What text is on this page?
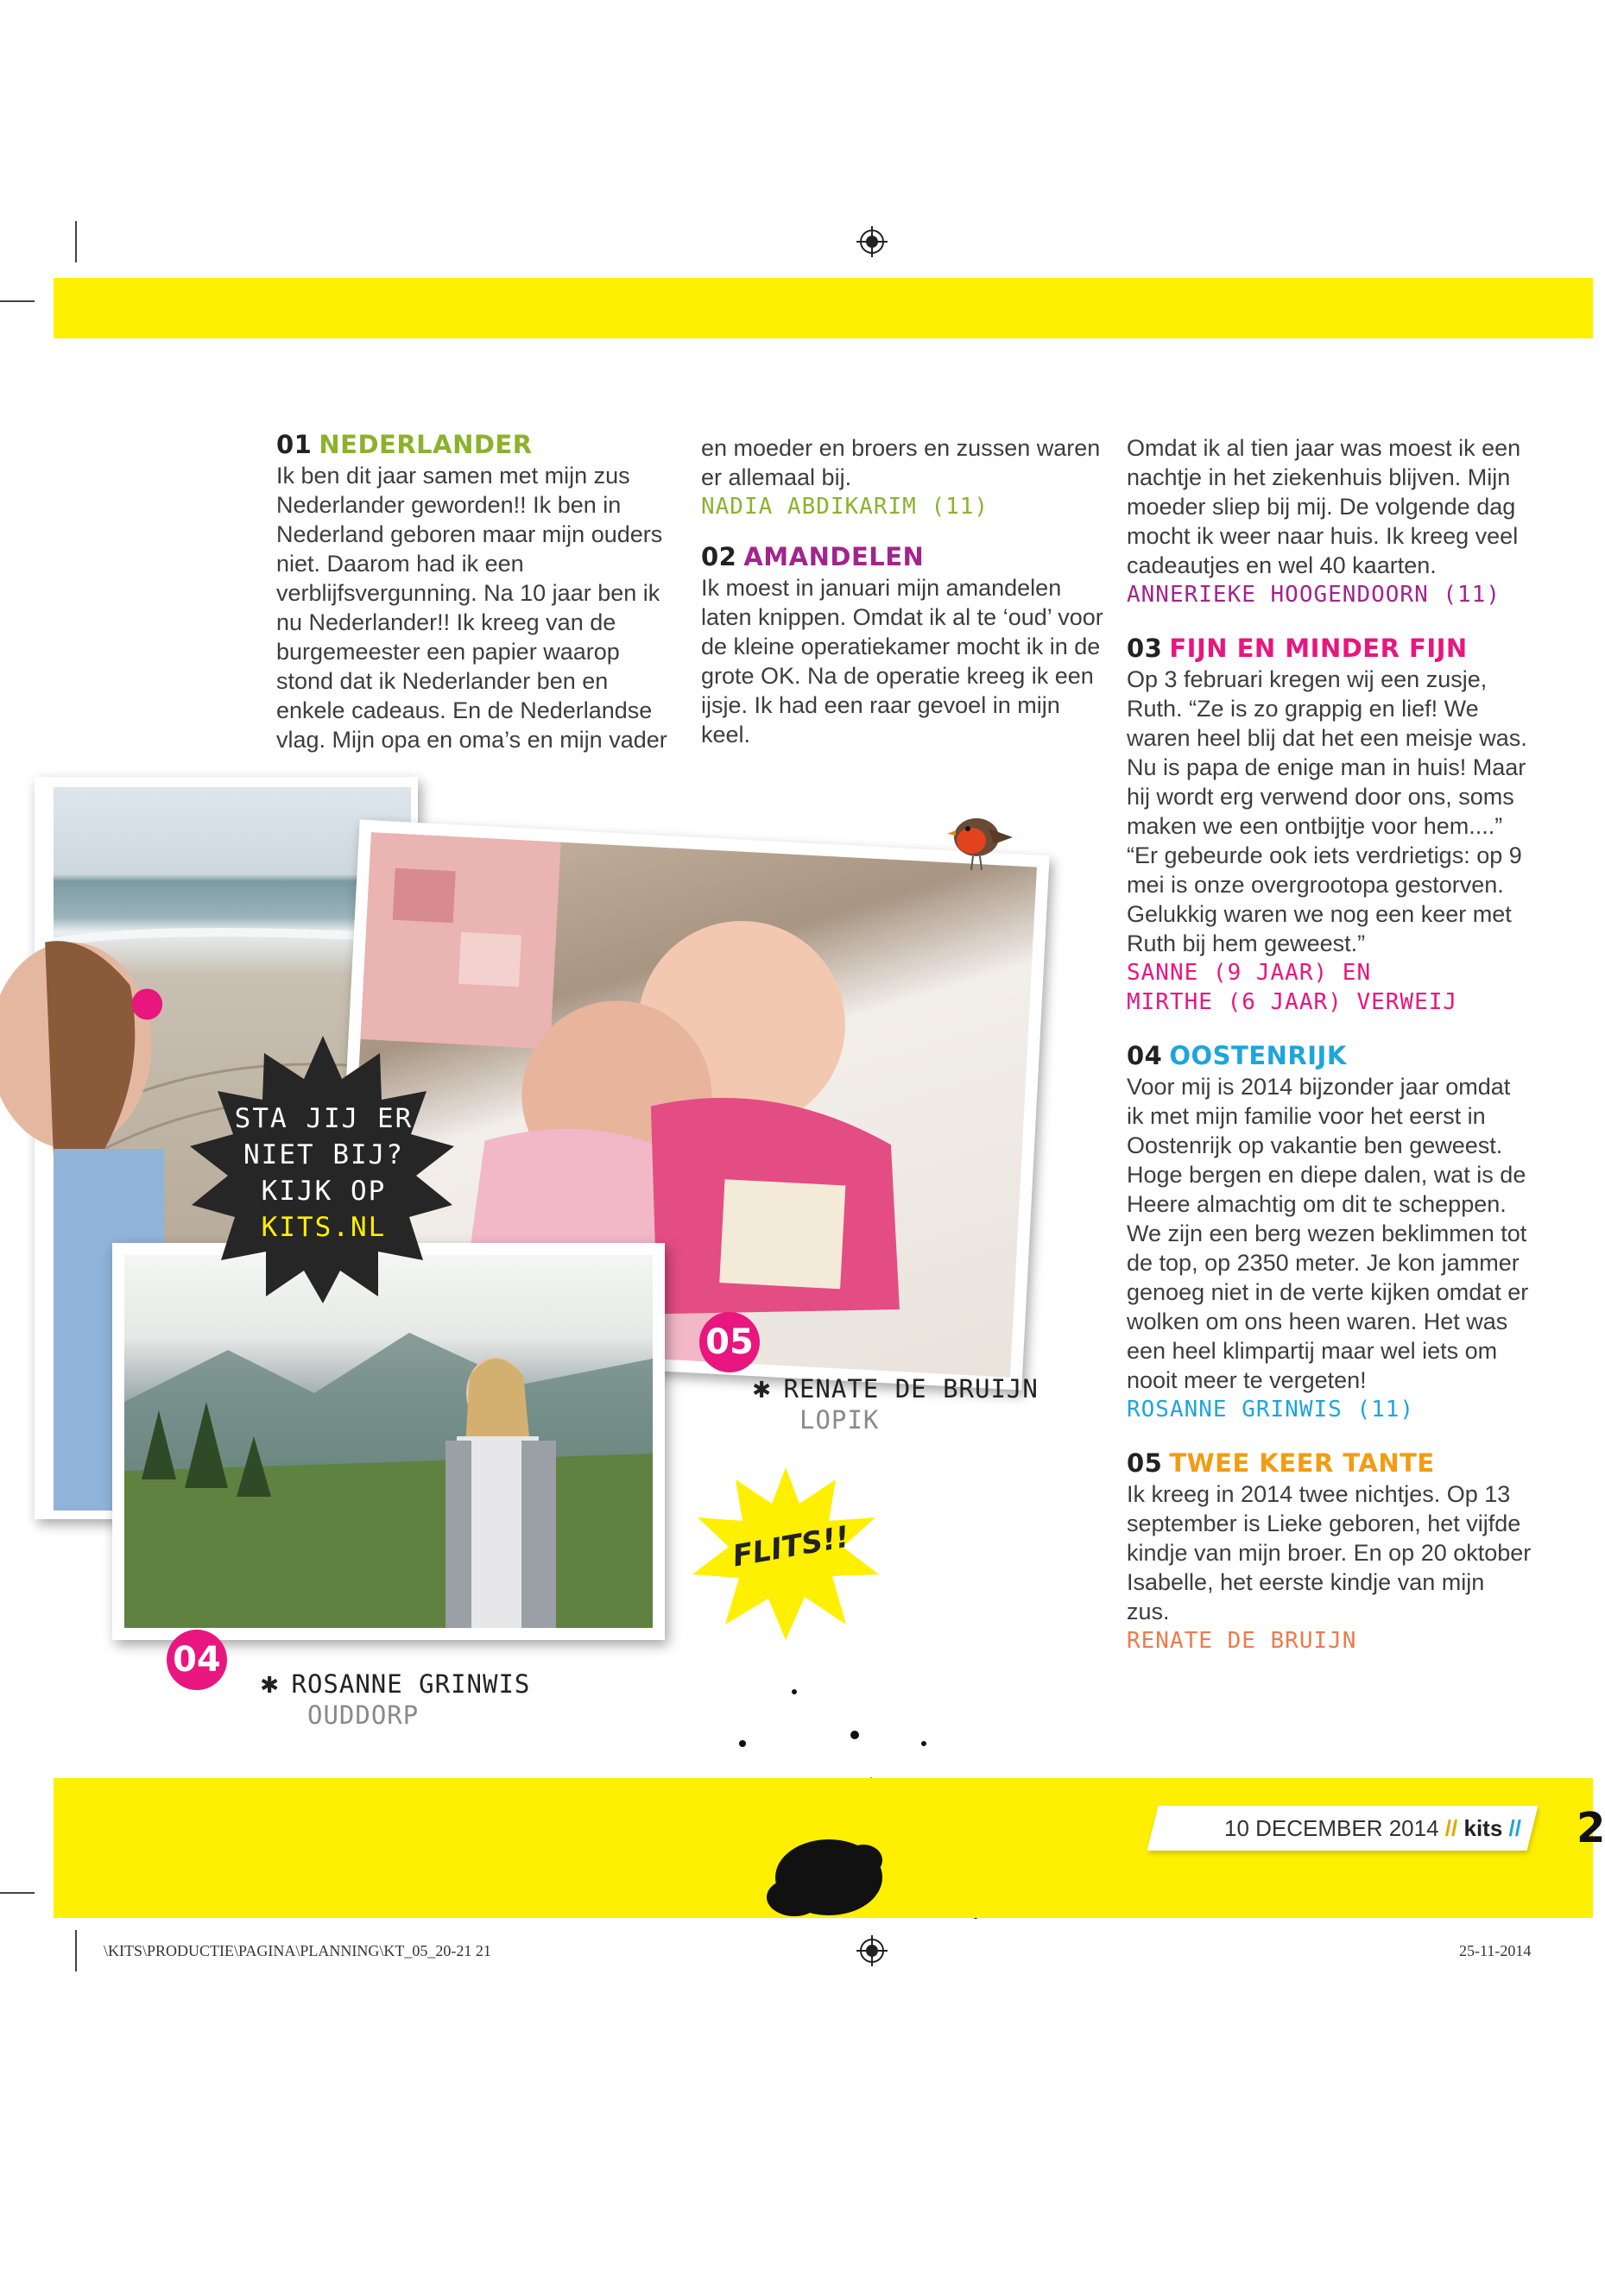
01 NEDERLANDER

Ik ben dit jaar samen met mijn zus Nederlander geworden!! Ik ben in Nederland geboren maar mijn ouders niet. Daarom had ik een verblijfsvergunning. Na 10 jaar ben ik nu Nederlander!! Ik kreeg van de burgemeester een papier waarop stond dat ik Nederlander ben en enkele cadeaus. En de Nederlandse vlag. Mijn opa en oma’s en mijn vader

en moeder en broers en zussen waren er allemaal bij.

NADIA ABDIKARIM (11)
02 AMANDELEN

Ik moest in januari mijn amandelen laten knippen. Omdat ik al te ‘oud’ voor de kleine operatiekamer mocht ik in de grote OK. Na de operatie kreeg ik een ijsje. Ik had een raar gevoel in mijn keel.

Omdat ik al tien jaar was moest ik een nachtje in het ziekenhuis blijven. Mijn moeder sliep bij mij. De volgende dag mocht ik weer naar huis. Ik kreeg veel cadeautjes en wel 40 kaarten.

ANNERIEKE HOOGENDOORN (11)
03 FIJN EN MINDER FIJN

Op 3 februari kregen wij een zusje, Ruth. “Ze is zo grappig en lief! We waren heel blij dat het een meisje was. Nu is papa de enige man in huis! Maar hij wordt erg verwend door ons, soms maken we een ontbijtje voor hem....”

“Er gebeurde ook iets verdrietigs: op 9 mei is onze overgrootopa gestorven. Gelukkig waren we nog een keer met Ruth bij hem geweest.”

SANNE (9 JAAR) EN
MIRTHE (6 JAAR) VERWEIJ
04 OOSTENRIJK

Voor mij is 2014 bijzonder jaar omdat ik met mijn familie voor het eerst in Oostenrijk op vakantie ben geweest. Hoge bergen en diepe dalen, wat is de Heere almachtig om dit te scheppen. We zijn een berg wezen beklimmen tot de top, op 2350 meter. Je kon jammer genoeg niet in de verte kijken omdat er wolken om ons heen waren. Het was een heel klimpartij maar wel iets om nooit meer te vergeten!

ROSANNE GRINWIS (11)
05 TWEE KEER TANTE

Ik kreeg in 2014 twee nichtjes. Op 13 september is Lieke geboren, het vijfde kindje van mijn broer. En op 20 oktober Isabelle, het eerste kindje van mijn zus.

RENATE DE BRUIJN
STA JIJ ER
NIET BIJ?
KIJK OP
KITS.NL
05
✱ RENATE DE BRUIJN
LOPIK
04
✱ ROSANNE GRINWIS
OUDDORP
FLITS!!
10 DECEMBER 2014 // kits // 2
\KITS\PRODUCTIE\PAGINA\PLANNING\KT_05_20-21 21	25-11-2014
